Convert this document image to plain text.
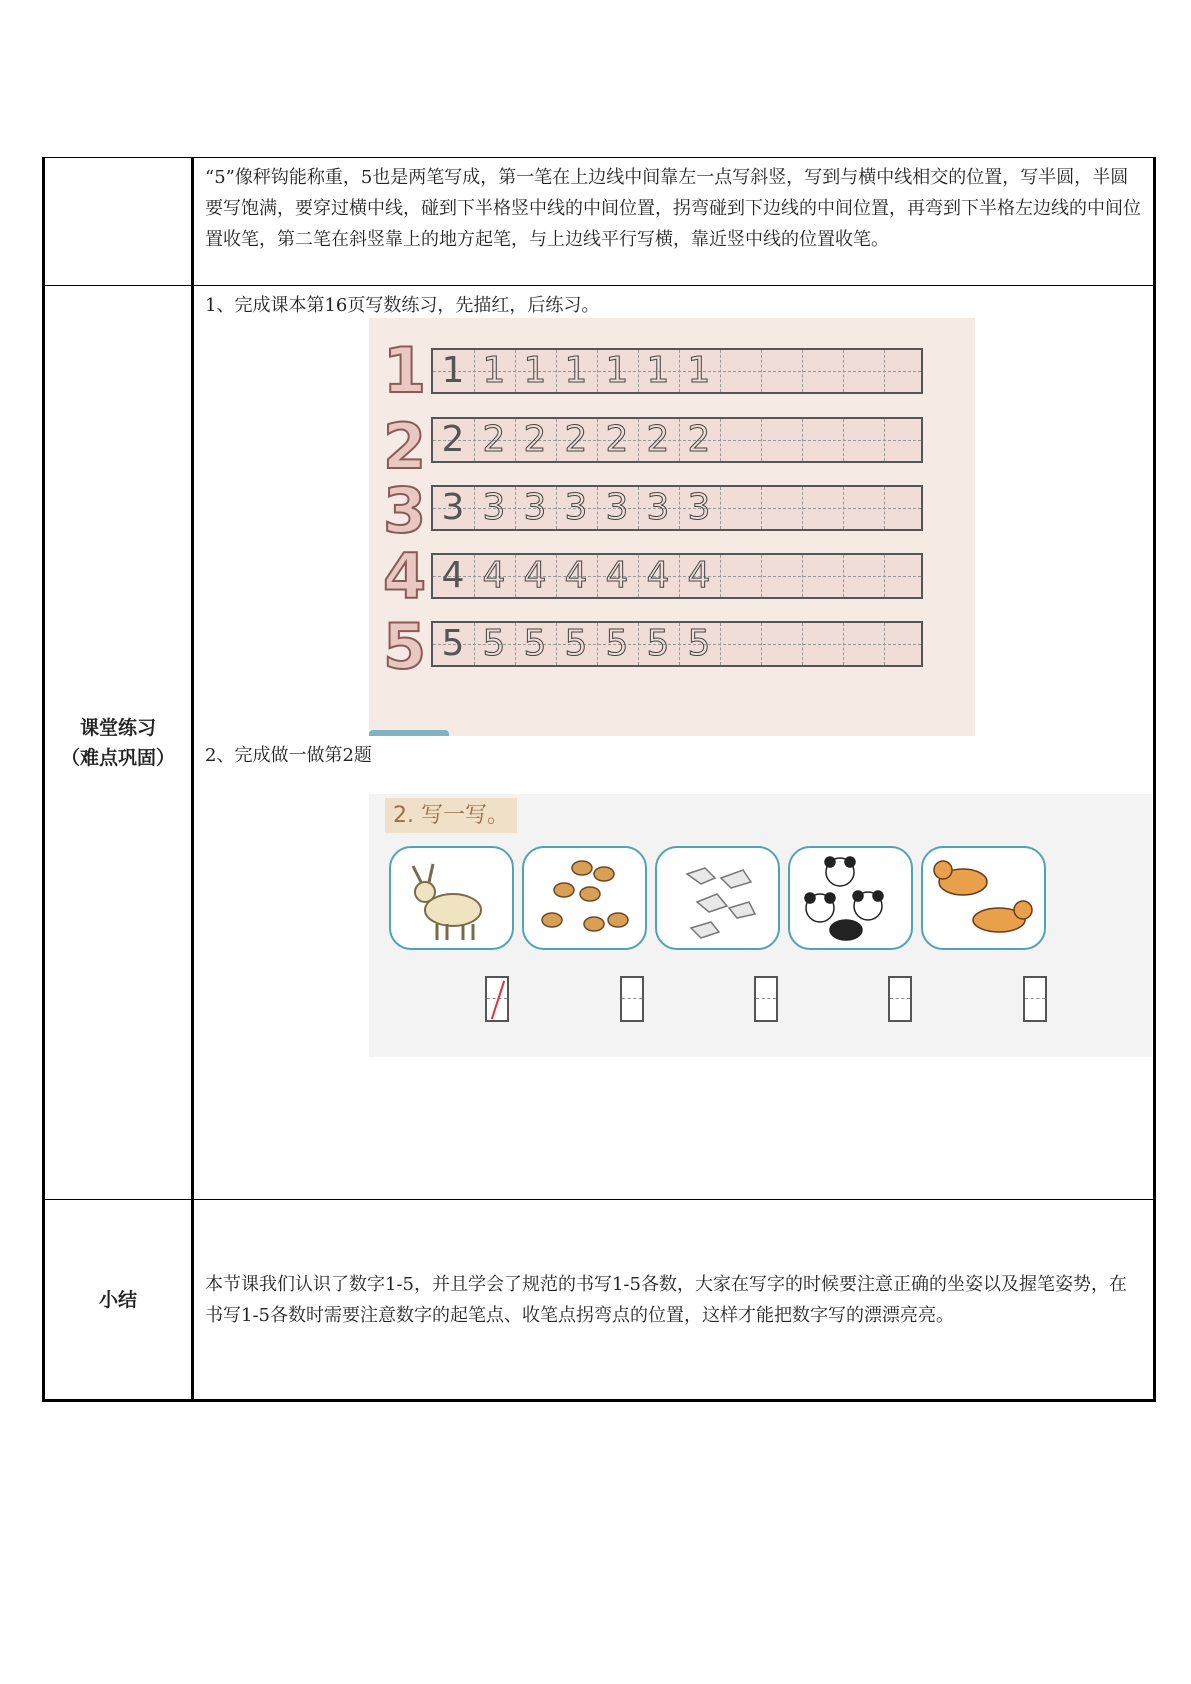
“5”像秤钩能称重，5也是两笔写成，第一笔在上边线中间靠左一点写斜竖，写到与横中线相交的位置，写半圆，半圆要写饱满，要穿过横中线，碰到下半格竖中线的中间位置，拐弯碰到下边线的中间位置，再弯到下半格左边线的中间位置收笔，第二笔在斜竖靠上的地方起笔，与上边线平行写横，靠近竖中线的位置收笔。
课堂练习
（难点巩固）
1、完成课本第16页写数练习，先描红，后练习。
1 1 1 1 1 1 1 1
2 2 2 2 2 2 2 2
3 3 3 3 3 3 3 3
4 4 4 4 4 4 4 4
5 5 5 5 5 5 5 5
2、完成做一做第2题
2. 写一写。
小结
本节课我们认识了数字1-5，并且学会了规范的书写1-5各数，大家在写字的时候要注意正确的坐姿以及握笔姿势，在书写1-5各数时需要注意数字的起笔点、收笔点拐弯点的位置，这样才能把数字写的漂漂亮亮。
